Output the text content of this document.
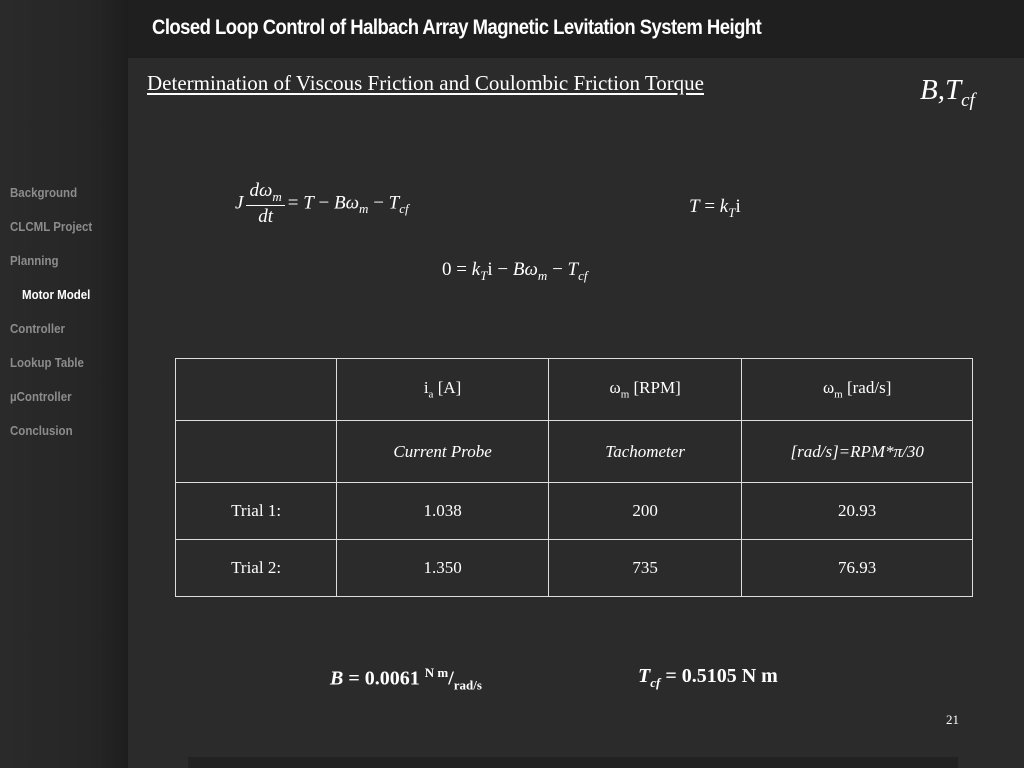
Closed Loop Control of Halbach Array Magnetic Levitation System Height
Determination of Viscous Friction and Coulombic Friction Torque	$B,T_{cf}$
Background
CLCML Project
Planning
Motor Model
Controller
Lookup Table
µController
Conclusion
J $\frac{d\omega_m}{dt} = T - B\omega_m - T_{cf}$	$T = k_Ti$
$0 = k_Ti - B\omega_m - T_{cf}$
	$i_a$ [A]	$\omega_m$ [RPM]	$\omega_m$ [rad/s]
	Current Probe	Tachometer	[rad/s]=RPM*π/30
Trial 1:	1.038	200	20.93
Trial 2:	1.350	735	76.93
B = 0.0061 $^{N m}/_{rad/s}$	$T_{cf} = 0.5105$ N m
21
